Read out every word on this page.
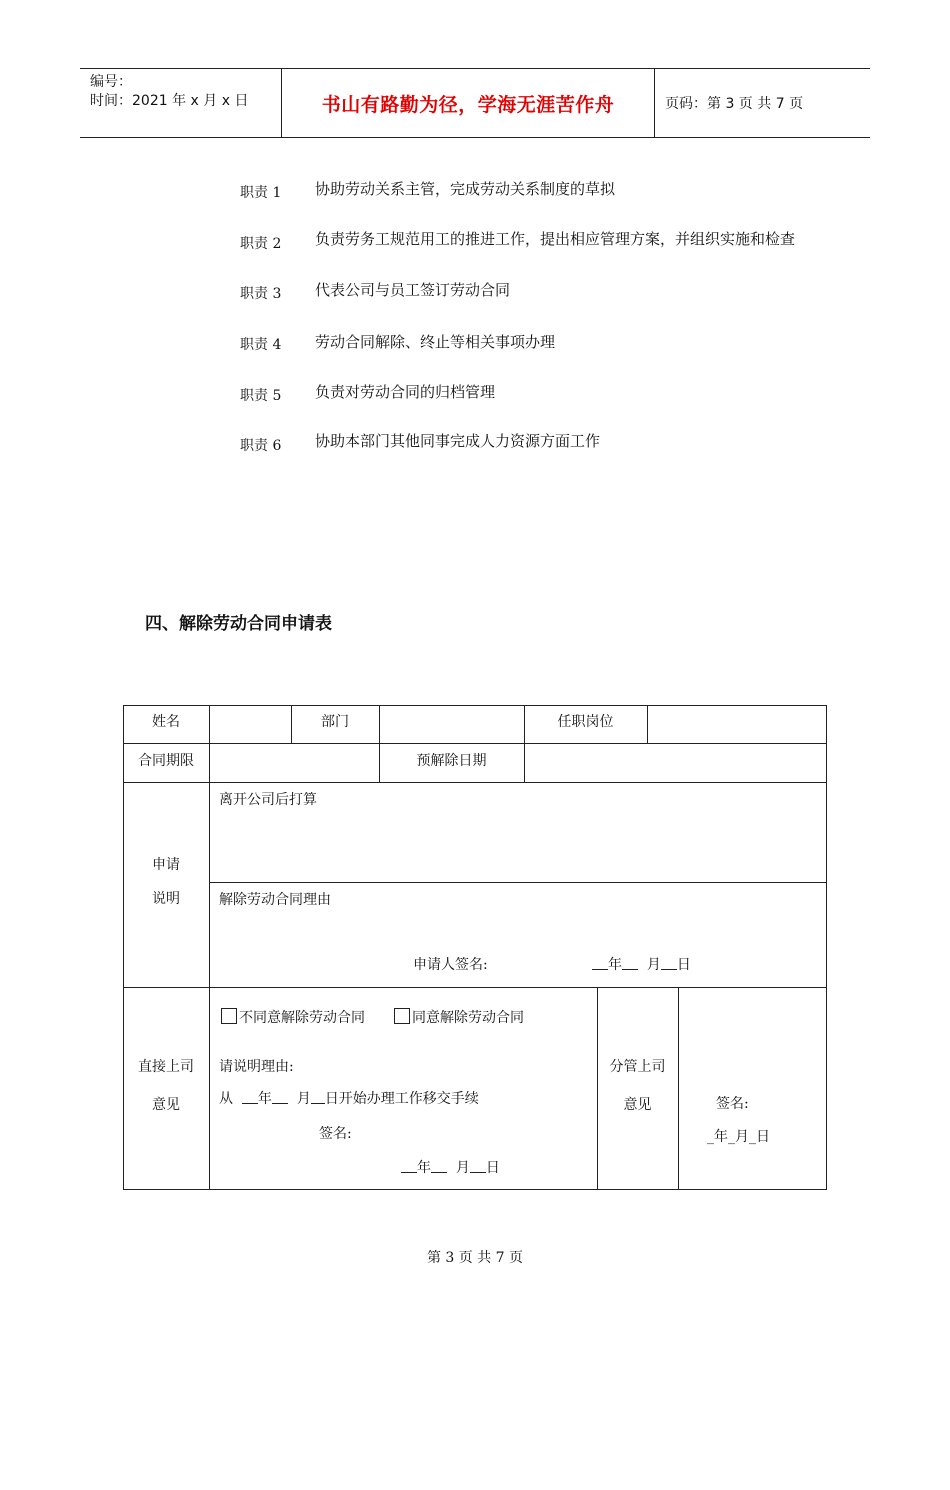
编号：
时间：2021 年 x 月 x 日	书山有路勤为径，学海无涯苦作舟	页码：第 3 页 共 7 页
职责 1 协助劳动关系主管，完成劳动关系制度的草拟
职责 2 负责劳务工规范用工的推进工作，提出相应管理方案，并组织实施和检查
职责 3 代表公司与员工签订劳动合同
职责 4 劳动合同解除、终止等相关事项办理
职责 5 负责对劳动合同的归档管理
职责 6 协助本部门其他同事完成人力资源方面工作
四、解除劳动合同申请表
姓名	部门	任职岗位
合同期限	预解除日期
申请
说明
离开公司后打算
解除劳动合同理由
申请人签名:	年 月 日
直接上司
意见
不同意解除劳动合同	同意解除劳动合同
请说明理由:
从 年 月 日开始办理工作移交手续
签名:
年 月 日
分管上司
意见	签名:
_年_月_日
第 3 页 共 7 页
